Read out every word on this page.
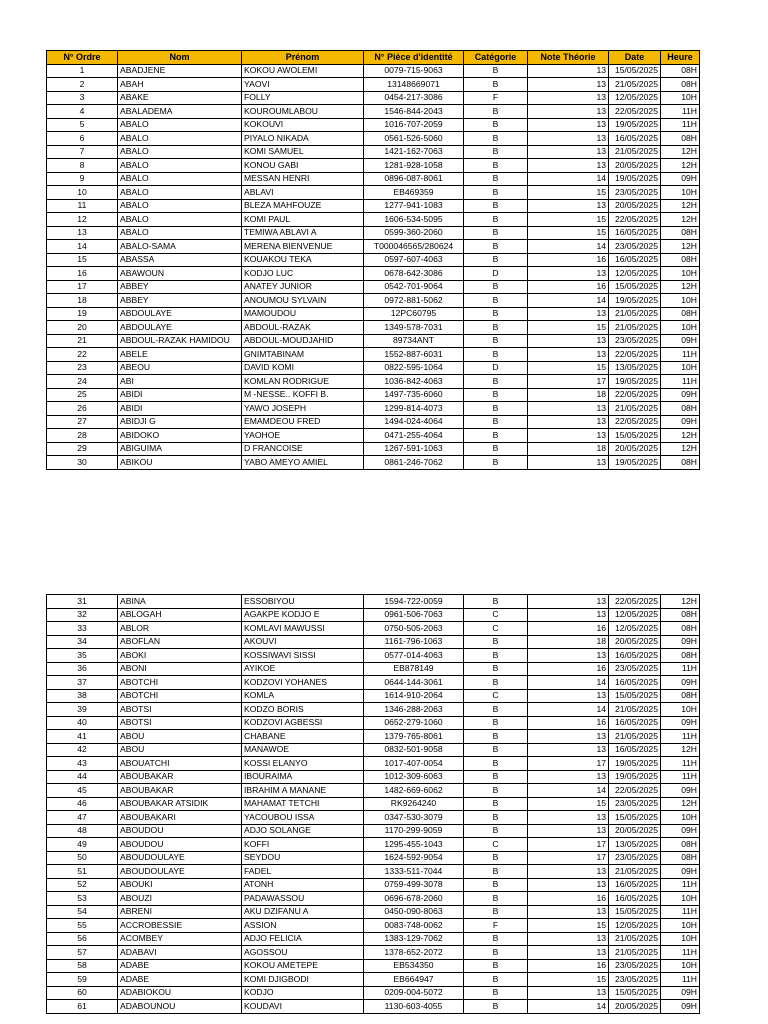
N° Ordre	Nom	Prénom	N° Pièce d'identité	Catégorie	Note Théorie	Date	Heure
1	ABADJENE	KOKOU AWOLEMI	0079-715-9063	B	13	15/05/2025	08H
2	ABAH	YAOVI	13148669071	B	13	21/05/2025	08H
3	ABAKE	FOLLY	0454-217-3086	F	13	12/05/2025	10H
4	ABALADEMA	KOUROUMLABOU	1546-844-2043	B	13	22/05/2025	11H
5	ABALO	KOKOUVI	1016-707-2059	B	13	19/05/2025	11H
6	ABALO	PIYALO NIKADA	0561-526-5060	B	13	16/05/2025	08H
7	ABALO	KOMI SAMUEL	1421-162-7063	B	13	21/05/2025	12H
8	ABALO	KONOU GABI	1281-928-1058	B	13	20/05/2025	12H
9	ABALO	MESSAN HENRI	0896-087-8061	B	14	19/05/2025	09H
10	ABALO	ABLAVI	EB469359	B	15	23/05/2025	10H
11	ABALO	BLEZA MAHFOUZE	1277-941-1083	B	13	20/05/2025	12H
12	ABALO	KOMI PAUL	1606-534-5095	B	15	22/05/2025	12H
13	ABALO	TEMIWA ABLAVI A	0599-360-2060	B	15	16/05/2025	08H
14	ABALO-SAMA	MERENA BIENVENUE	T000046565/280624	B	14	23/05/2025	12H
15	ABASSA	KOUAKOU TEKA	0597-607-4063	B	16	16/05/2025	08H
16	ABAWOUN	KODJO LUC	0678-642-3086	D	13	12/05/2025	10H
17	ABBEY	ANATEY JUNIOR	0542-701-9064	B	16	15/05/2025	12H
18	ABBEY	ANOUMOU SYLVAIN	0972-881-5062	B	14	19/05/2025	10H
19	ABDOULAYE	MAMOUDOU	12PC60795	B	13	21/05/2025	08H
20	ABDOULAYE	ABDOUL-RAZAK	1349-578-7031	B	15	21/05/2025	10H
21	ABDOUL-RAZAK HAMIDOU	ABDOUL-MOUDJAHID	89734ANT	B	13	23/05/2025	09H
22	ABELE	GNIMTABINAM	1552-887-6031	B	13	22/05/2025	11H
23	ABEOU	DAVID KOMI	0822-595-1064	D	15	13/05/2025	10H
24	ABI	KOMLAN RODRIGUE	1036-842-4063	B	17	19/05/2025	11H
25	ABIDI	M -NESSE.. KOFFI B.	1497-735-6060	B	18	22/05/2025	09H
26	ABIDI	YAWO JOSEPH	1299-814-4073	B	13	21/05/2025	08H
27	ABIDJI G	EMAMDEOU FRED	1494-024-4064	B	13	22/05/2025	09H
28	ABIDOKO	YAOHOE	0471-255-4064	B	13	15/05/2025	12H
29	ABIGUIMA	D FRANCOISE	1267-591-1063	B	18	20/05/2025	12H
30	ABIKOU	YABO AMEYO AMIEL	0861-246-7062	B	13	19/05/2025	08H
31	ABINA	ESSOBIYOU	1594-722-0059	B	13	22/05/2025	12H
32	ABLOGAH	AGAKPE KODJO E	0961-506-7063	C	13	12/05/2025	08H
33	ABLOR	KOMLAVI MAWUSSI	0750-505-2063	C	16	12/05/2025	08H
34	ABOFLAN	AKOUVI	1161-796-1063	B	18	20/05/2025	09H
35	ABOKI	KOSSIWAVI SISSI	0577-014-4063	B	13	16/05/2025	08H
36	ABONI	AYIKOE	EB878149	B	16	23/05/2025	11H
37	ABOTCHI	KODZOVI YOHANES	0644-144-3061	B	14	16/05/2025	09H
38	ABOTCHI	KOMLA	1614-910-2064	C	13	15/05/2025	08H
39	ABOTSI	KODZO BORIS	1346-288-2063	B	14	21/05/2025	10H
40	ABOTSI	KODZOVI AGBESSI	0652-279-1060	B	16	16/05/2025	09H
41	ABOU	CHABANE	1379-765-8061	B	13	21/05/2025	11H
42	ABOU	MANAWOE	0832-501-9058	B	13	16/05/2025	12H
43	ABOUATCHI	KOSSI ELANYO	1017-407-0054	B	17	19/05/2025	11H
44	ABOUBAKAR	IBOURAIMA	1012-309-6063	B	13	19/05/2025	11H
45	ABOUBAKAR	IBRAHIM A MANANE	1482-669-6062	B	14	22/05/2025	09H
46	ABOUBAKAR ATSIDIK	MAHAMAT TETCHI	RK9264240	B	15	23/05/2025	12H
47	ABOUBAKARI	YACOUBOU ISSA	0347-530-3079	B	13	15/05/2025	10H
48	ABOUDOU	ADJO SOLANGE	1170-299-9059	B	13	20/05/2025	09H
49	ABOUDOU	KOFFI	1295-455-1043	C	17	13/05/2025	08H
50	ABOUDOULAYE	SEYDOU	1624-592-9054	B	17	23/05/2025	08H
51	ABOUDOULAYE	FADEL	1333-511-7044	B	13	21/05/2025	09H
52	ABOUKI	ATONH	0759-499-3078	B	13	16/05/2025	11H
53	ABOUZI	PADAWASSOU	0696-678-2060	B	16	16/05/2025	10H
54	ABRENI	AKU DZIFANU A	0450-090-8063	B	13	15/05/2025	11H
55	ACCROBESSIE	ASSION	0083-748-0062	F	15	12/05/2025	10H
56	ACOMBEY	ADJO FELICIA	1383-129-7062	B	13	21/05/2025	10H
57	ADABAVI	AGOSSOU	1378-652-2072	B	13	21/05/2025	11H
58	ADABE	KOKOU AMETEPE	EB534350	B	16	23/05/2025	10H
59	ADABE	KOMI DJIGBODI	EB664947	B	15	23/05/2025	11H
60	ADABIOKOU	KODJO	0209-004-5072	B	13	15/05/2025	09H
61	ADABOUNOU	KOUDAVI	1130-603-4055	B	14	20/05/2025	09H
